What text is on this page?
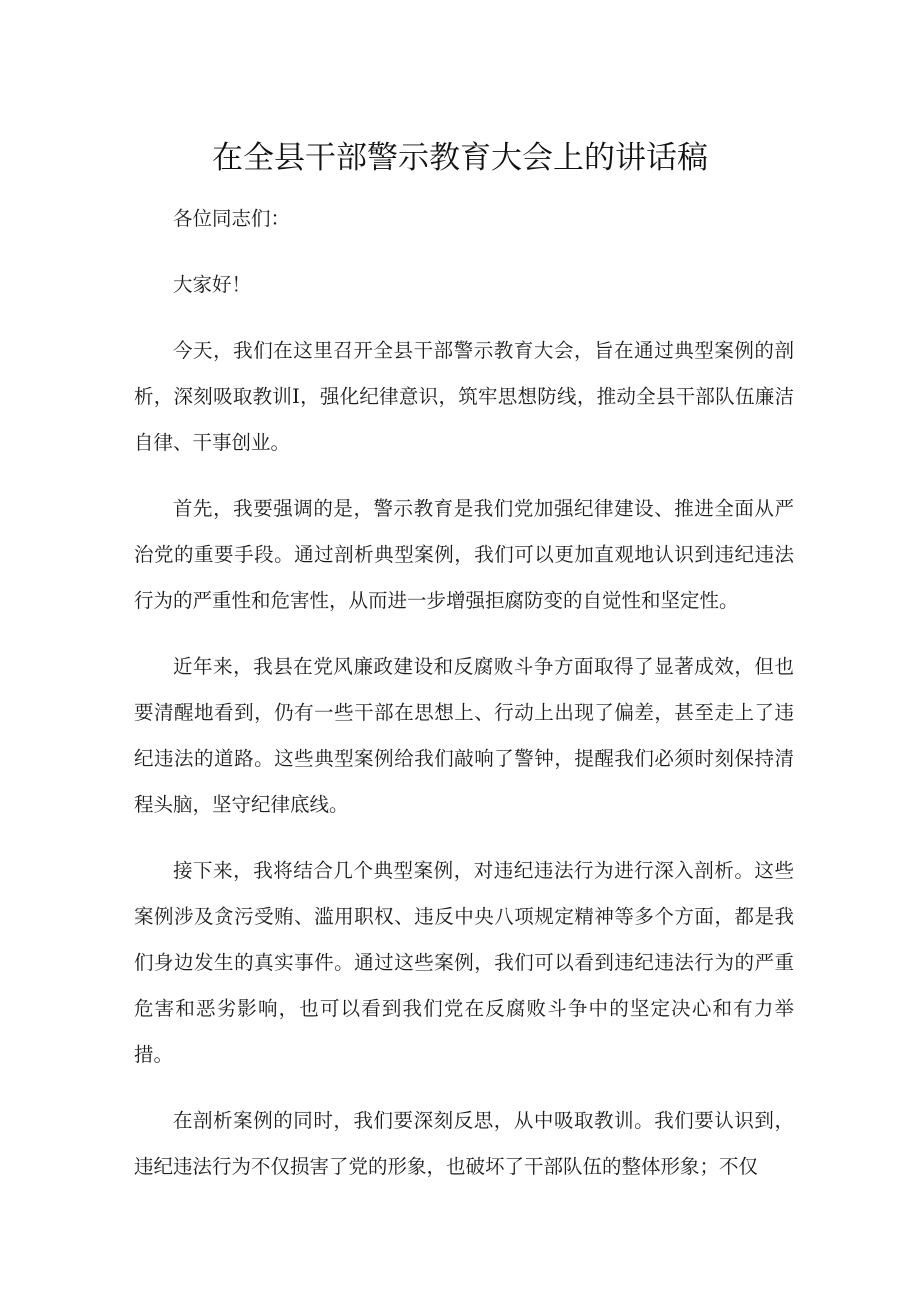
在全县干部警示教育大会上的讲话稿

各位同志们：

大家好！

今天，我们在这里召开全县干部警示教育大会，旨在通过典型案例的剖析，深刻吸取教训I，强化纪律意识，筑牢思想防线，推动全县干部队伍廉洁自律、干事创业。

首先，我要强调的是，警示教育是我们党加强纪律建设、推进全面从严治党的重要手段。通过剖析典型案例，我们可以更加直观地认识到违纪违法行为的严重性和危害性，从而进一步增强拒腐防变的自觉性和坚定性。

近年来，我县在党风廉政建设和反腐败斗争方面取得了显著成效，但也要清醒地看到，仍有一些干部在思想上、行动上出现了偏差，甚至走上了违纪违法的道路。这些典型案例给我们敲响了警钟，提醒我们必须时刻保持清程头脑，坚守纪律底线。

接下来，我将结合几个典型案例，对违纪违法行为进行深入剖析。这些案例涉及贪污受贿、滥用职权、违反中央八项规定精神等多个方面，都是我们身边发生的真实事件。通过这些案例，我们可以看到违纪违法行为的严重危害和恶劣影响，也可以看到我们党在反腐败斗争中的坚定决心和有力举措。

在剖析案例的同时，我们要深刻反思，从中吸取教训。我们要认识到，违纪违法行为不仅损害了党的形象，也破坏了干部队伍的整体形象；不仅
